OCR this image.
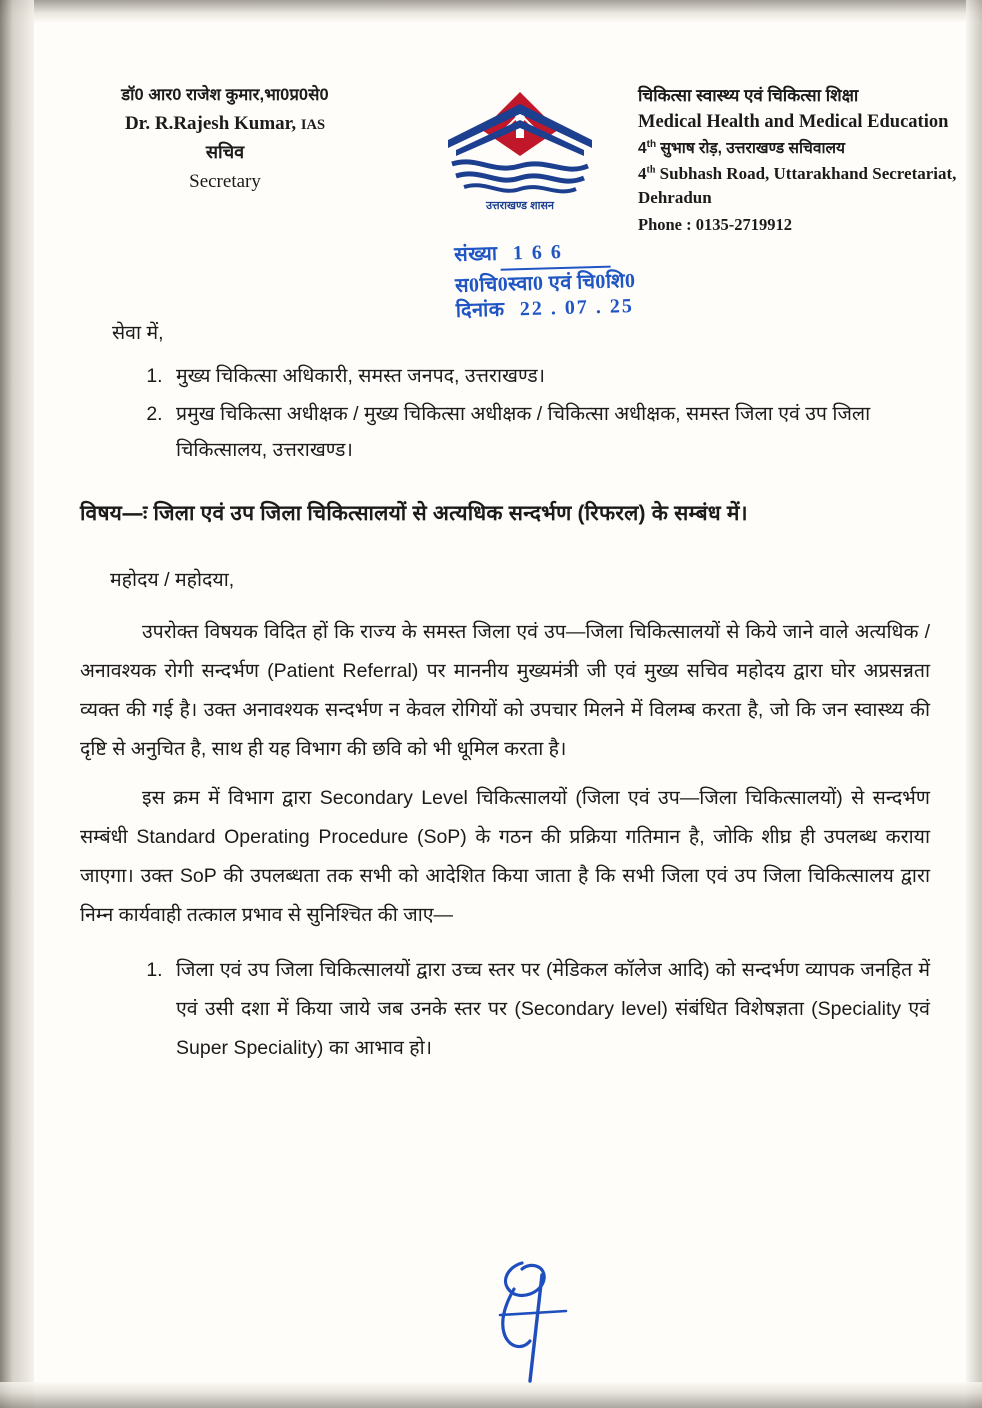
डॉ0 आर0 राजेश कुमार,भा0प्र0से0
Dr. R.Rajesh Kumar, IAS
सचिव
Secretary
उत्तराखण्ड शासन
चिकित्सा स्वास्थ्य एवं चिकित्सा शिक्षा
Medical Health and Medical Education
4th सुभाष रोड़, उत्तराखण्ड सचिवालय
4th Subhash Road, Uttarakhand Secretariat, Dehradun
Phone : 0135-2719912
संख्या 1 6 6
स0चि0स्वा0 एवं चि0शि0
दिनांक 22 . 07 . 25
सेवा में,
1. मुख्य चिकित्सा अधिकारी, समस्त जनपद, उत्तराखण्ड।
2. प्रमुख चिकित्सा अधीक्षक / मुख्य चिकित्सा अधीक्षक / चिकित्सा अधीक्षक, समस्त जिला एवं उप जिला चिकित्सालय, उत्तराखण्ड।
विषय—ः जिला एवं उप जिला चिकित्सालयों से अत्यधिक सन्दर्भण (रिफरल) के सम्बंध में।
महोदय / महोदया,
उपरोक्त विषयक विदित हों कि राज्य के समस्त जिला एवं उप—जिला चिकित्सालयों से किये जाने वाले अत्यधिक / अनावश्यक रोगी सन्दर्भण (Patient Referral) पर माननीय मुख्यमंत्री जी एवं मुख्य सचिव महोदय द्वारा घोर अप्रसन्नता व्यक्त की गई है। उक्त अनावश्यक सन्दर्भण न केवल रोगियों को उपचार मिलने में विलम्ब करता है, जो कि जन स्वास्थ्य की दृष्टि से अनुचित है, साथ ही यह विभाग की छवि को भी धूमिल करता है।
इस क्रम में विभाग द्वारा Secondary Level चिकित्सालयों (जिला एवं उप—जिला चिकित्सालयों) से सन्दर्भण सम्बंधी Standard Operating Procedure (SoP) के गठन की प्रक्रिया गतिमान है, जोकि शीघ्र ही उपलब्ध कराया जाएगा। उक्त SoP की उपलब्धता तक सभी को आदेशित किया जाता है कि सभी जिला एवं उप जिला चिकित्सालय द्वारा निम्न कार्यवाही तत्काल प्रभाव से सुनिश्चित की जाए—
1. जिला एवं उप जिला चिकित्सालयों द्वारा उच्च स्तर पर (मेडिकल कॉलेज आदि) को सन्दर्भण व्यापक जनहित में एवं उसी दशा में किया जाये जब उनके स्तर पर (Secondary level) संबंधित विशेषज्ञता (Speciality एवं Super Speciality) का आभाव हो।
